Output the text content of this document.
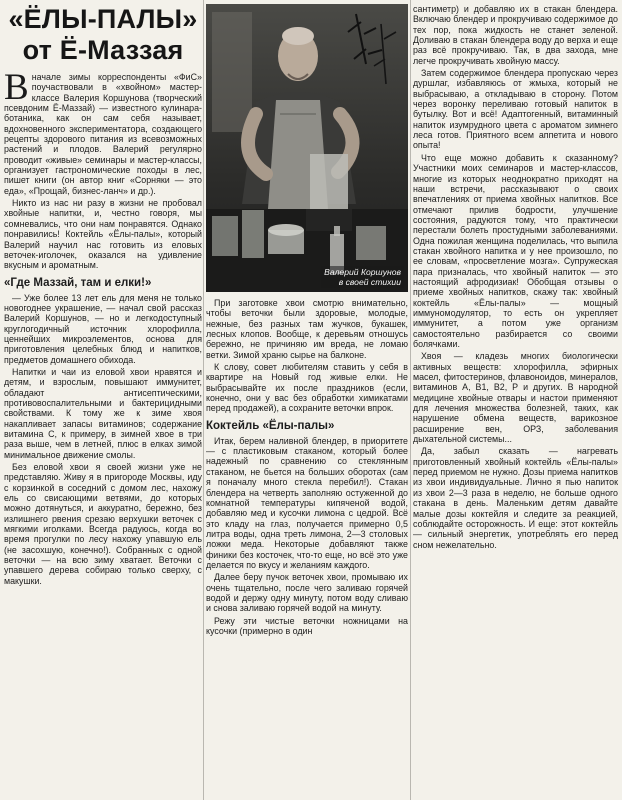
«ЁЛЫ-ПАЛЫ»
от Ё-Маззая

Вначале зимы корреспонденты «ФиС» поучаствовали в «хвойном» мастер-классе Валерия Коршунова (творческий псевдоним Ё-Маззай) — известного кулинара-ботаника, как он сам себя называет, вдохновенного экспериментатора, создающего рецепты здорового питания из всевозможных растений и плодов. Валерий регулярно проводит «живые» семинары и мастер-классы, организует гастрономические походы в лес, пишет книги (он автор книг «Сорняки — это еда», «Прощай, бизнес-ланч» и др.).

Никто из нас ни разу в жизни не пробовал хвойные напитки, и, честно говоря, мы сомневались, что они нам понравятся. Однако понравились! Коктейль «Ёлы-палы», который Валерий научил нас готовить из еловых веточек-иголочек, оказался на удивление вкусным и ароматным.

«Где Маззай, там и елки!»

— Уже более 13 лет ель для меня не только новогоднее украшение, — начал свой рассказ Валерий Коршунов, — но и легкодоступный круглогодичный источник хлорофилла, ценнейших микроэлементов, основа для приготовления целебных блюд и напитков, предметов домашнего обихода.

Напитки и чаи из еловой хвои нравятся и детям, и взрослым, повышают иммунитет, обладают антисептическими, противовоспалительными и бактерицидными свойствами. К тому же к зиме хвоя накапливает запасы витаминов; содержание витамина С, к примеру, в зимней хвое в три раза выше, чем в летней, плюс в елках зимой минимальное движение смолы.

Без еловой хвои я своей жизни уже не представляю. Живу я в пригороде Москвы, иду с корзинкой в соседний с домом лес, нахожу ель со свисающими ветвями, до которых можно дотянуться, и аккуратно, бережно, без излишнего рвения срезаю верхушки веточек с мягкими иголками. Всегда радуюсь, когда во время прогулки по лесу нахожу упавшую ель (не засохшую, конечно!). Собранных с одной веточки — на всю зиму хватает. Веточки с упавшего дерева собираю только сверху, с макушки.

Валерий Коршунов
в своей стихии

При заготовке хвои смотрю внимательно, чтобы веточки были здоровые, молодые, нежные, без разных там жучков, букашек, лесных клопов. Вообще, к деревьям отношусь бережно, не причиняю им вреда, не ломаю ветки. Зимой храню сырье на балконе.

К слову, совет любителям ставить у себя в квартире на Новый год живые елки. Не выбрасывайте их после праздников (если, конечно, они у вас без обработки химикатами перед продажей), а сохраните веточки впрок.

Коктейль «Ёлы-палы»

Итак, берем наливной блендер, в приоритете — с пластиковым стаканом, который более надежный по сравнению со стеклянным стаканом, не бьется на больших оборотах (сам я поначалу много стекла перебил!). Стакан блендера на четверть заполняю остуженной до комнатной температуры кипяченой водой, добавляю мед и кусочки лимона с цедрой. Всё это кладу на глаз, получается примерно 0,5 литра воды, одна треть лимона, 2—3 столовых ложки меда. Некоторые добавляют также финики без косточек, что-то еще, но всё это уже делается по вкусу и желаниям каждого.

Далее беру пучок веточек хвои, промываю их очень тщательно, после чего заливаю горячей водой и держу одну минуту, потом воду сливаю и снова заливаю горячей водой на минуту.

Режу эти чистые веточки ножницами на кусочки (примерно в один

сантиметр) и добавляю их в стакан блендера. Включаю блендер и прокручиваю содержимое до тех пор, пока жидкость не станет зеленой. Доливаю в стакан блендера воду до верха и еще раз всё прокручиваю. Так, в два захода, мне легче прокручивать хвойную массу.

Затем содержимое блендера пропускаю через дуршлаг, избавляюсь от жмыха, который не выбрасываю, а откладываю в сторону. Потом через воронку переливаю готовый напиток в бутылку. Вот и всё! Адаптогенный, витаминный напиток изумрудного цвета с ароматом зимнего леса готов. Приятного всем аппетита и нового опыта!

Что еще можно добавить к сказанному? Участники моих семинаров и мастер-классов, многие из которых неоднократно приходят на наши встречи, рассказывают о своих впечатлениях от приема хвойных напитков. Все отмечают прилив бодрости, улучшение состояния, радуются тому, что практически перестали болеть простудными заболеваниями. Одна пожилая женщина поделилась, что выпила стакан хвойного напитка и у нее произошло, по ее словам, «просветление мозга». Супружеская пара призналась, что хвойный напиток — это настоящий афродизиак! Обобщая отзывы о приеме хвойных напитков, скажу так: хвойный коктейль «Ёлы-палы» — мощный иммуномодулятор, то есть он укрепляет иммунитет, а потом уже организм самостоятельно разбирается со своими болячками.

Хвоя — кладезь многих биологически активных веществ: хлорофилла, эфирных масел, фитостеринов, флавоноидов, минералов, витаминов А, В1, В2, Р и других. В народной медицине хвойные отвары и настои применяют для лечения множества болезней, таких, как нарушение обмена веществ, варикозное расширение вен, ОРЗ, заболевания дыхательной системы...

Да, забыл сказать — нагревать приготовленный хвойный коктейль «Ёлы-палы» перед приемом не нужно. Дозы приема напитков из хвои индивидуальные. Лично я пью напиток из хвои 2—3 раза в неделю, не больше одного стакана в день. Маленьким детям давайте малые дозы коктейля и следите за реакцией, соблюдайте осторожность. И еще: этот коктейль — сильный энергетик, употреблять его перед сном нежелательно.
